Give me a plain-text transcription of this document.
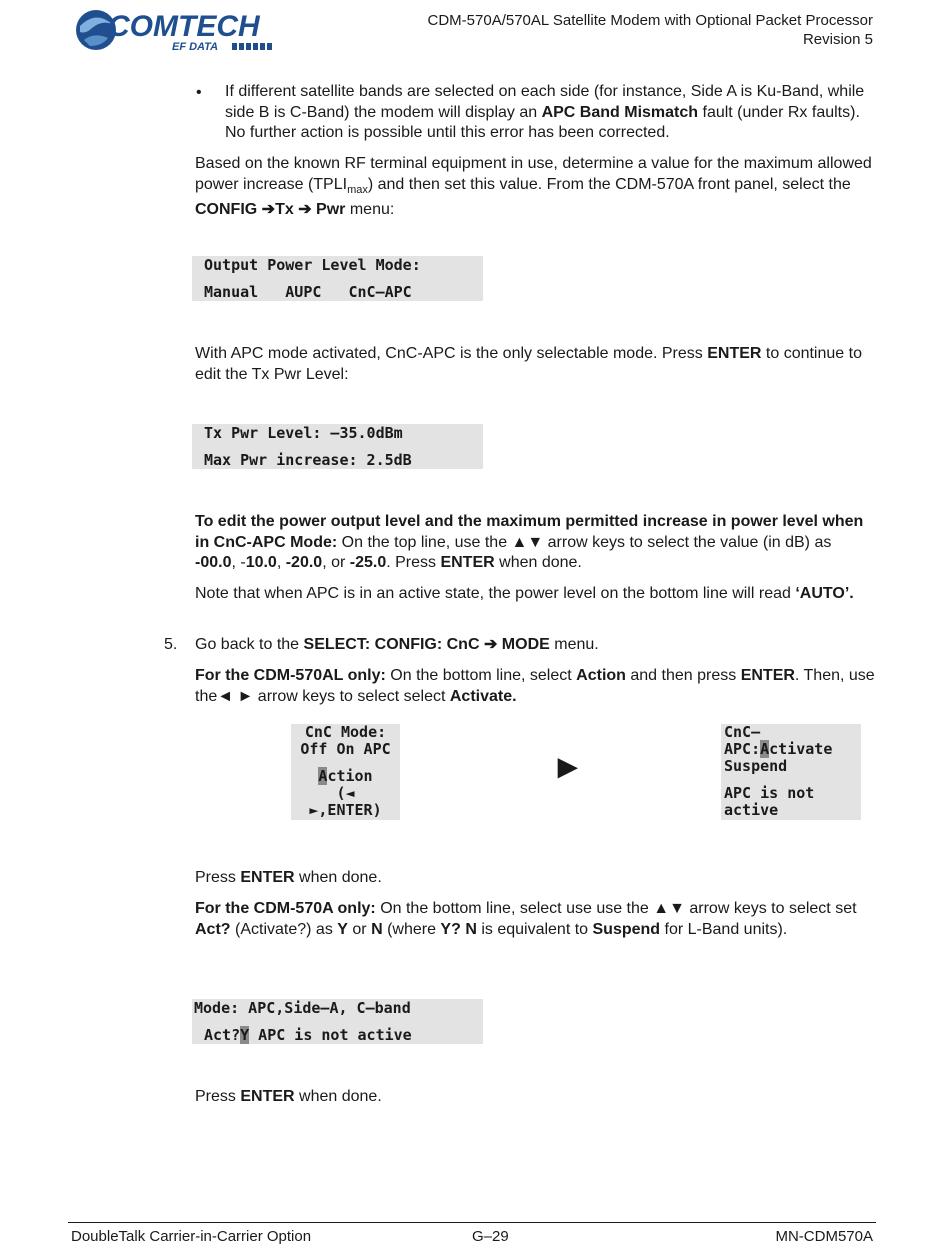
COMTECH
EF DATA
CDM-570A/570AL Satellite Modem with Optional Packet Processor
Revision 5
• If different satellite bands are selected on each side (for instance, Side A is Ku-Band, while side B is C-Band) the modem will display an APC Band Mismatch fault (under Rx faults). No further action is possible until this error has been corrected.
Based on the known RF terminal equipment in use, determine a value for the maximum allowed power increase $(TPLI_{max})$ and then set this value. From the CDM-570A front panel, select the CONFIG ➔Tx ➔ Pwr menu:

Output Power Level Mode:

Manual   AUPC   CnC–APC

With APC mode activated, CnC-APC is the only selectable mode. Press ENTER to continue to edit the Tx Pwr Level:

Tx Pwr Level: –35.0dBm

Max Pwr increase: 2.5dB

To edit the power output level and the maximum permitted increase in power level when in CnC-APC Mode: On the top line, use the ▲▼ arrow keys to select the value (in dB) as -00.0, -10.0, -20.0, or -25.0. Press ENTER when done.
Note that when APC is in an active state, the power level on the bottom line will read ‘AUTO’.
5. Go back to the SELECT: CONFIG: CnC ➔ MODE menu.
For the CDM-570AL only: On the bottom line, select Action and then press ENTER. Then, use the◄ ► arrow keys to select select Activate.
CnC Mode:
Off On APC
Action
(◄
►,ENTER)
►
CnC–
APC:Activate
Suspend
APC is not
active
Press ENTER when done.
For the CDM-570A only: On the bottom line, select use use the ▲▼ arrow keys to select set Act? (Activate?) as Y or N (where Y? N is equivalent to Suspend for L-Band units).

Mode: APC,Side–A, C–band

Act?Y APC is not active

Press ENTER when done.
DoubleTalk Carrier-in-Carrier Option	G–29	MN-CDM570A
